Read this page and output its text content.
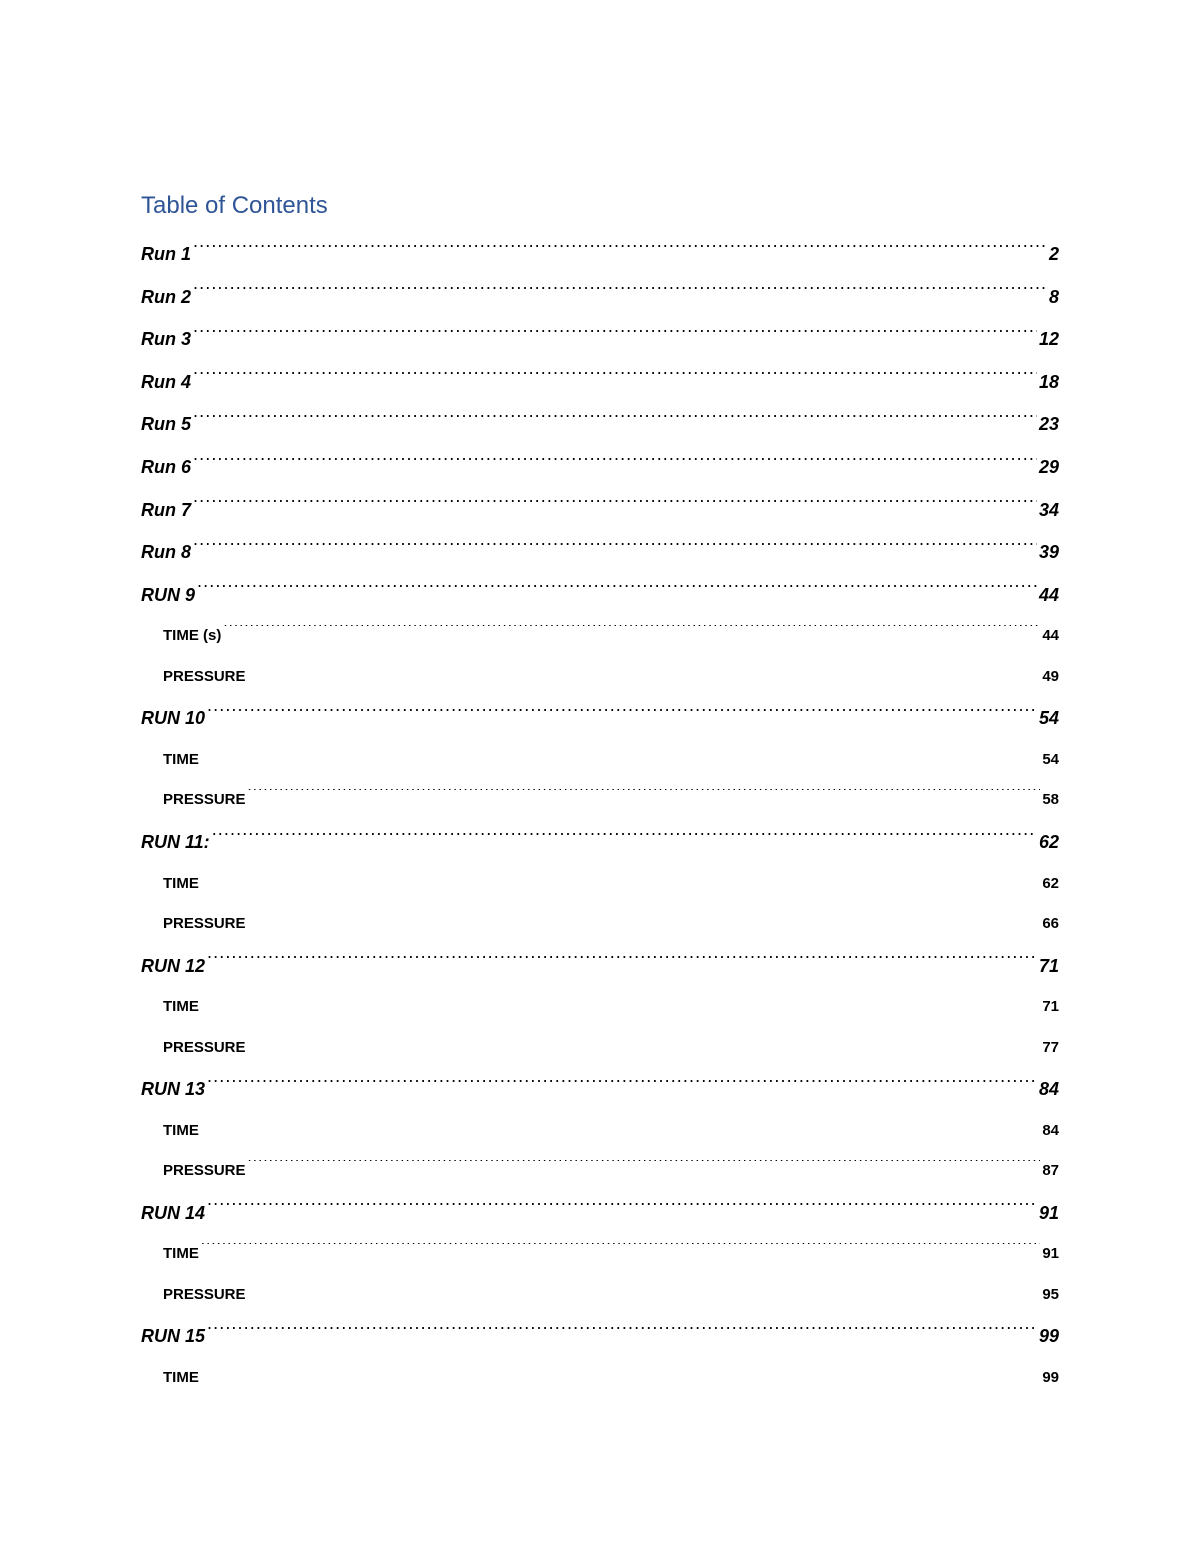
Table of Contents
Run 1 .....	2
Run 2 .....	8
Run 3 .....	12
Run 4 .....	18
Run 5 .....	23
Run 6 .....	29
Run 7 .....	34
Run 8 .....	39
RUN 9 .....	44
TIME (s) .....	44
PRESSURE .....	49
RUN 10 .....	54
TIME .....	54
PRESSURE .....	58
RUN 11: .....	62
TIME .....	62
PRESSURE .....	66
RUN 12 .....	71
TIME .....	71
PRESSURE .....	77
RUN 13 .....	84
TIME .....	84
PRESSURE .....	87
RUN 14 .....	91
TIME .....	91
PRESSURE .....	95
RUN 15 .....	99
TIME .....	99
